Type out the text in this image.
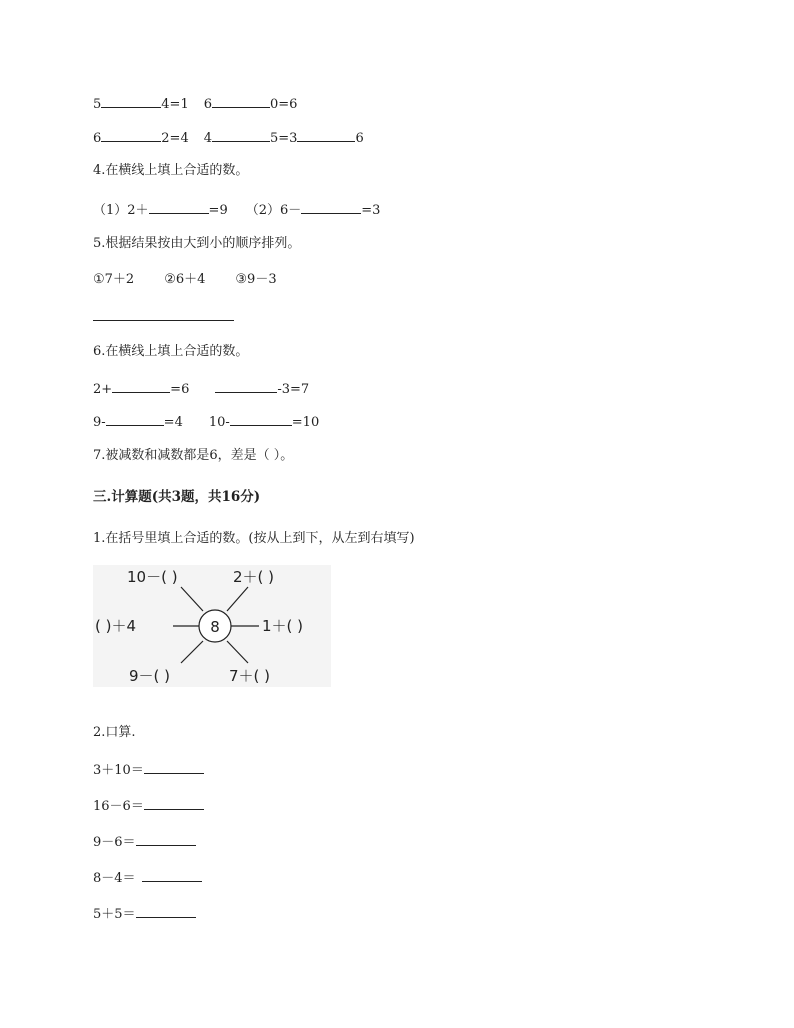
5	4=1 6	0=6
6	2=4 4	5=3	6
4.在横线上填上合适的数。
（1）2＋	=9 （2）6－	=3
5.根据结果按由大到小的顺序排列。
①7＋2 ②6＋4 ③9－3
6.在横线上填上合适的数。
2+	=6	-3=7
9-	=4 10-	=10
7.被减数和减数都是6，差是（ ）。
三.计算题(共3题，共16分)
1.在括号里填上合适的数。(按从上到下，从左到右填写)
8
10－( )	2＋( )
( )＋4	1＋( )
9－( )	7＋( )
2.口算.
3＋10＝
16－6＝
9－6＝
8－4＝
5＋5＝
